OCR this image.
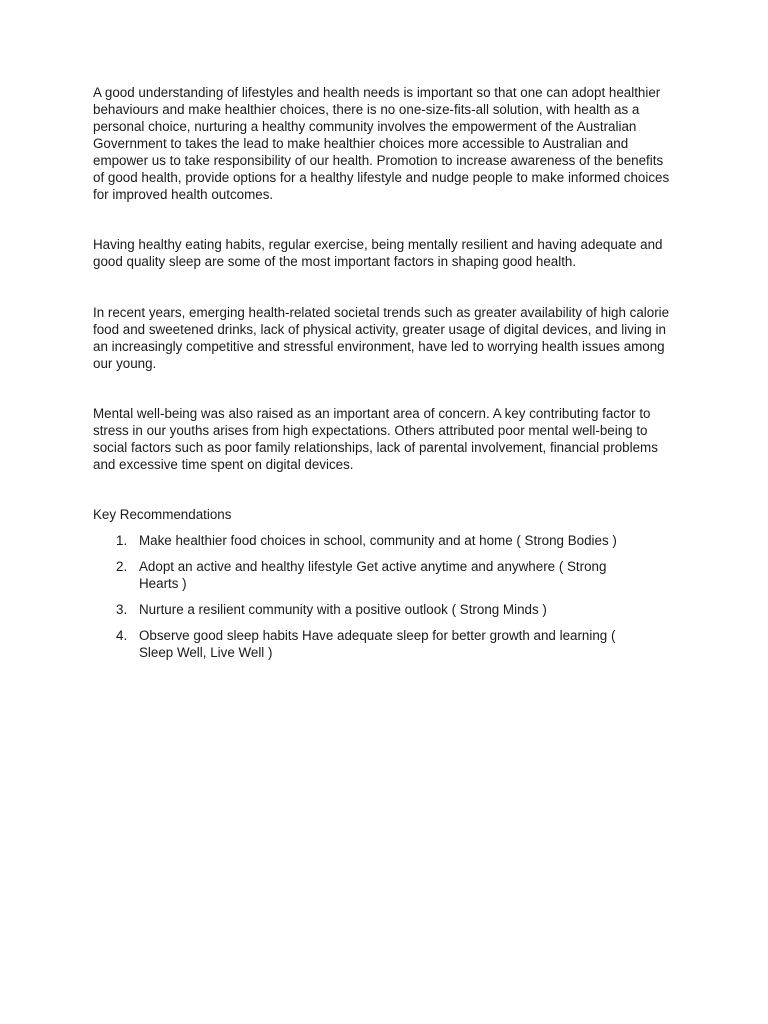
A good understanding of lifestyles and health needs is important so that one can adopt healthier behaviours and make healthier choices, there is no one-size-fits-all solution, with health as a personal choice, nurturing a healthy community involves the empowerment of the Australian Government to takes the lead to make healthier choices more accessible to Australian and empower us to take responsibility of our health. Promotion to increase awareness of the benefits of good health, provide options for a healthy lifestyle and nudge people to make informed choices for improved health outcomes.

Having healthy eating habits, regular exercise, being mentally resilient and having adequate and good quality sleep are some of the most important factors in shaping good health.

In recent years, emerging health-related societal trends such as greater availability of high calorie food and sweetened drinks, lack of physical activity, greater usage of digital devices, and living in an increasingly competitive and stressful environment, have led to worrying health issues among our young.

Mental well-being was also raised as an important area of concern. A key contributing factor to stress in our youths arises from high expectations. Others attributed poor mental well-being to social factors such as poor family relationships, lack of parental involvement, financial problems and excessive time spent on digital devices.

Key Recommendations
1. Make healthier food choices in school, community and at home ( Strong Bodies )
2. Adopt an active and healthy lifestyle Get active anytime and anywhere ( Strong Hearts )
3. Nurture a resilient community with a positive outlook ( Strong Minds )
4. Observe good sleep habits Have adequate sleep for better growth and learning ( Sleep Well, Live Well )
